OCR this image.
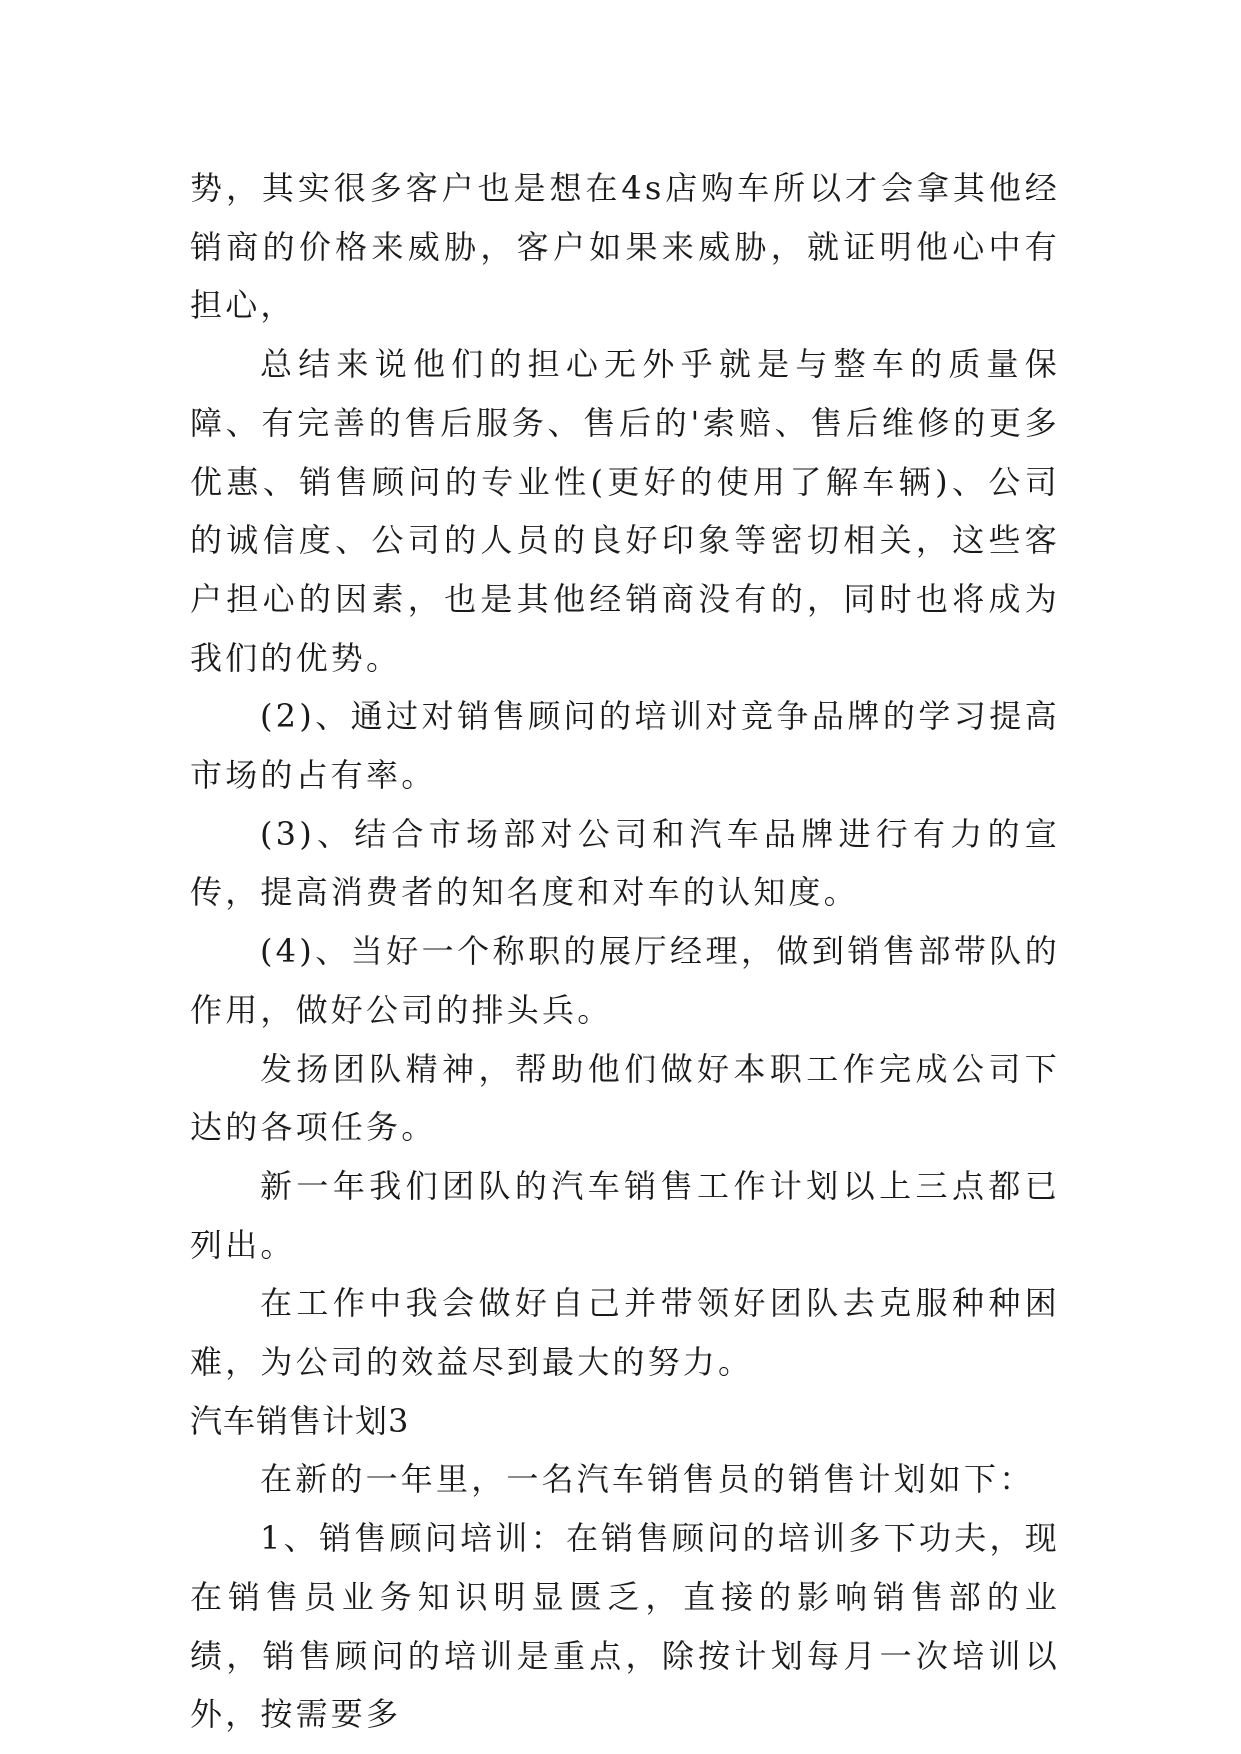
势，其实很多客户也是想在4s店购车所以才会拿其他经销商的价格来威胁，客户如果来威胁，就证明他心中有担心，

总结来说他们的担心无外乎就是与整车的质量保障、有完善的售后服务、售后的'索赔、售后维修的更多优惠、销售顾问的专业性(更好的使用了解车辆)、公司的诚信度、公司的人员的良好印象等密切相关，这些客户担心的因素，也是其他经销商没有的，同时也将成为我们的优势。

(2)、通过对销售顾问的培训对竞争品牌的学习提高市场的占有率。

(3)、结合市场部对公司和汽车品牌进行有力的宣传，提高消费者的知名度和对车的认知度。

(4)、当好一个称职的展厅经理，做到销售部带队的作用，做好公司的排头兵。

发扬团队精神，帮助他们做好本职工作完成公司下达的各项任务。

新一年我们团队的汽车销售工作计划以上三点都已列出。

在工作中我会做好自己并带领好团队去克服种种困难，为公司的效益尽到最大的努力。

汽车销售计划3

在新的一年里，一名汽车销售员的销售计划如下：

1、销售顾问培训：在销售顾问的培训多下功夫，现在销售员业务知识明显匮乏，直接的影响销售部的业绩，销售顾问的培训是重点，除按计划每月一次培训以外，按需要多
